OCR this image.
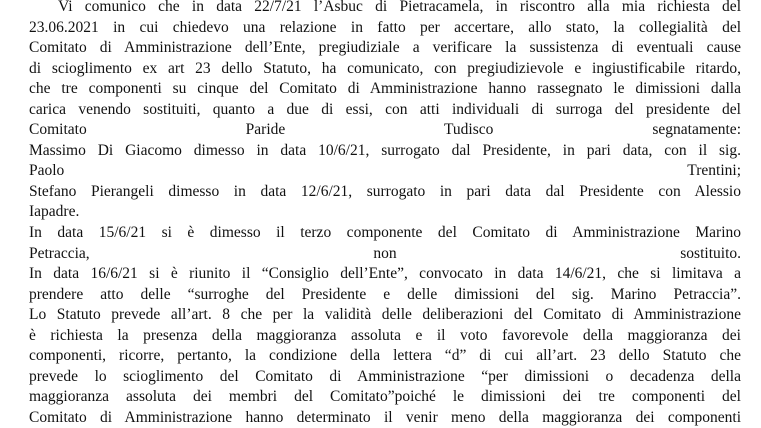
Vi comunico che in data 22/7/21 l’Asbuc di Pietracamela, in riscontro alla mia richiesta del
23.06.2021 in cui chiedevo una relazione in fatto per accertare, allo stato, la collegialità del
Comitato di Amministrazione dell’Ente, pregiudiziale a verificare la sussistenza di eventuali cause
di scioglimento ex art 23 dello Statuto, ha comunicato, con pregiudizievole e ingiustificabile ritardo,
che tre componenti su cinque del Comitato di Amministrazione hanno rassegnato le dimissioni dalla
carica venendo sostituiti, quanto a due di essi, con atti individuali di surroga del presidente del
Comitato Paride Tudisco segnatamente:
Massimo Di Giacomo dimesso in data 10/6/21, surrogato dal Presidente, in pari data, con il sig.
Paolo Trentini;
Stefano Pierangeli dimesso in data 12/6/21, surrogato in pari data dal Presidente con Alessio
Iapadre.
In data 15/6/21 si è dimesso il terzo componente del Comitato di Amministrazione Marino
Petraccia, non sostituito.
In data 16/6/21 si è riunito il “Consiglio dell’Ente”, convocato in data 14/6/21, che si limitava a
prendere atto delle “surroghe del Presidente e delle dimissioni del sig. Marino Petraccia”.
Lo Statuto prevede all’art. 8 che per la validità delle deliberazioni del Comitato di Amministrazione
è richiesta la presenza della maggioranza assoluta e il voto favorevole della maggioranza dei
componenti, ricorre, pertanto, la condizione della lettera “d” di cui all’art. 23 dello Statuto che
prevede lo scioglimento del Comitato di Amministrazione “per dimissioni o decadenza della
maggioranza assoluta dei membri del Comitato”poiché le dimissioni dei tre componenti del
Comitato di Amministrazione hanno determinato il venir meno della maggioranza dei componenti
